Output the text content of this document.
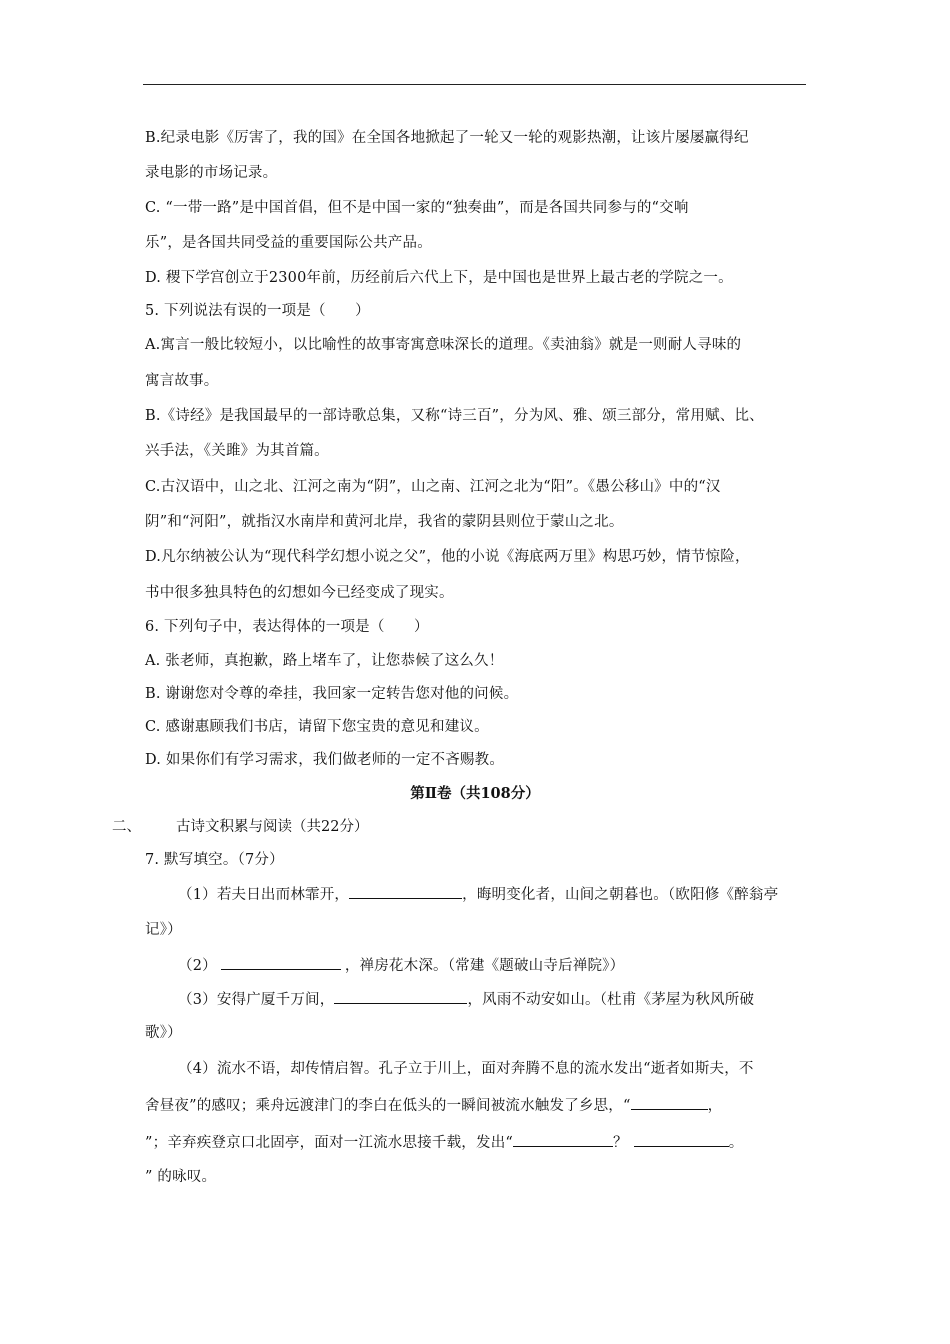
B.纪录电影《厉害了，我的国》在全国各地掀起了一轮又一轮的观影热潮，让该片屡屡赢得纪
录电影的市场记录。
C. “一带一路”是中国首倡，但不是中国一家的“独奏曲”，而是各国共同参与的“交响
乐”，是各国共同受益的重要国际公共产品。
D. 稷下学宫创立于2300年前，历经前后六代上下，是中国也是世界上最古老的学院之一。
5. 下列说法有误的一项是（　　）
A.寓言一般比较短小，以比喻性的故事寄寓意味深长的道理。《卖油翁》就是一则耐人寻味的
寓言故事。
B.《诗经》是我国最早的一部诗歌总集，又称“诗三百”，分为风、雅、颂三部分，常用赋、比、
兴手法，《关雎》为其首篇。
C.古汉语中，山之北、江河之南为“阴”，山之南、江河之北为“阳”。《愚公移山》中的“汉
阴”和“河阳”，就指汉水南岸和黄河北岸，我省的蒙阴县则位于蒙山之北。
D.凡尔纳被公认为“现代科学幻想小说之父”，他的小说《海底两万里》构思巧妙，情节惊险，
书中很多独具特色的幻想如今已经变成了现实。
6. 下列句子中，表达得体的一项是（　　）
A. 张老师，真抱歉，路上堵车了，让您恭候了这么久！
B. 谢谢您对令尊的牵挂，我回家一定转告您对他的问候。
C. 感谢惠顾我们书店，请留下您宝贵的意见和建议。
D. 如果你们有学习需求，我们做老师的一定不吝赐教。
第Ⅱ卷（共108分）
二、 古诗文积累与阅读（共22分）
7. 默写填空。（7分）
（1）若夫日出而林霏开，	，晦明变化者，山间之朝暮也。（欧阳修《醉翁亭
记》）
（2）	，禅房花木深。（常建《题破山寺后禅院》）
（3）安得广厦千万间，	，风雨不动安如山。（杜甫《茅屋为秋风所破
歌》）
（4）流水不语，却传情启智。孔子立于川上，面对奔腾不息的流水发出“逝者如斯夫，不
舍昼夜”的感叹；乘舟远渡津门的李白在低头的一瞬间被流水触发了乡思，“	，
”；辛弃疾登京口北固亭，面对一江流水思接千载，发出“	？	。
” 的咏叹。
